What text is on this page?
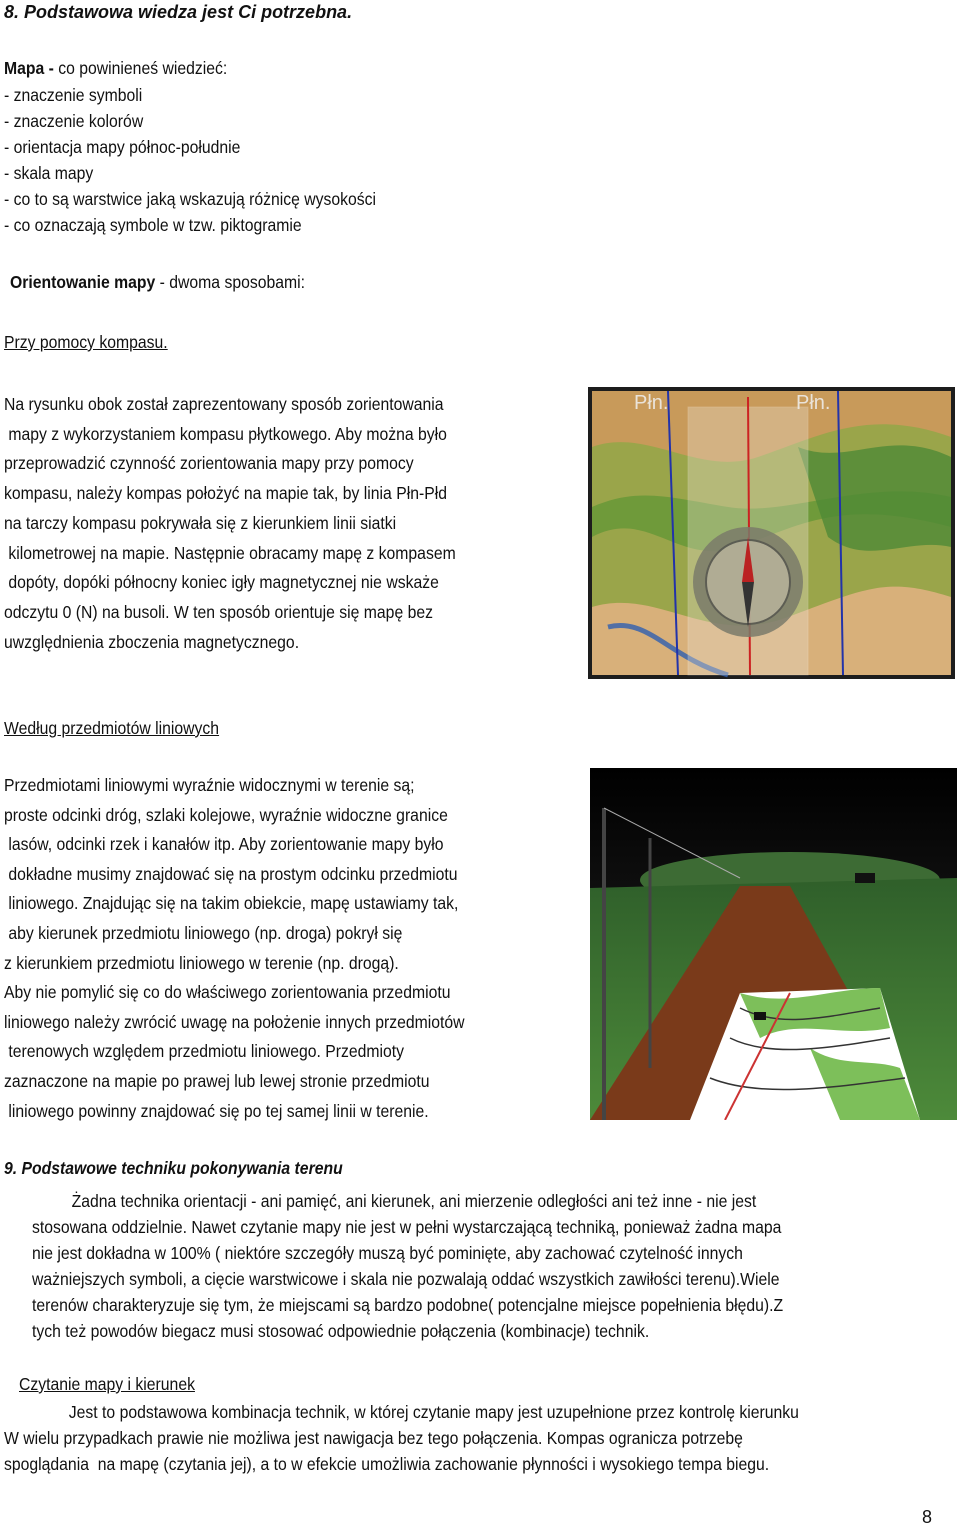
8. Podstawowa wiedza jest Ci potrzebna.
Mapa - co powinieneś wiedzieć:
- znaczenie symboli
- znaczenie kolorów
- orientacja mapy północ-południe
- skala mapy
- co to są warstwice jaką wskazują różnicę wysokości
- co oznaczają symbole w tzw. piktogramie
Orientowanie mapy - dwoma sposobami:
Przy pomocy kompasu.
Na rysunku obok został zaprezentowany sposób zorientowania
mapy z wykorzystaniem kompasu płytkowego. Aby można było
przeprowadzić czynność zorientowania mapy przy pomocy
kompasu, należy kompas położyć na mapie tak, by linia Płn-Płd
na tarczy kompasu pokrywała się z kierunkiem linii siatki
kilometrowej na mapie. Następnie obracamy mapę z kompasem
dopóty, dopóki północny koniec igły magnetycznej nie wskaże
odczytu 0 (N) na busoli. W ten sposób orientuje się mapę bez
uwzględnienia zboczenia magnetycznego.
Płn.	Płn.
Według przedmiotów liniowych
Przedmiotami liniowymi wyraźnie widocznymi w terenie są;
proste odcinki dróg, szlaki kolejowe, wyraźnie widoczne granice
lasów, odcinki rzek i kanałów itp. Aby zorientowanie mapy było
dokładne musimy znajdować się na prostym odcinku przedmiotu
liniowego. Znajdując się na takim obiekcie, mapę ustawiamy tak,
aby kierunek przedmiotu liniowego (np. droga) pokrył się
z kierunkiem przedmiotu liniowego w terenie (np. drogą).
Aby nie pomylić się co do właściwego zorientowania przedmiotu
liniowego należy zwrócić uwagę na położenie innych przedmiotów
terenowych względem przedmiotu liniowego. Przedmioty
zaznaczone na mapie po prawej lub lewej stronie przedmiotu
liniowego powinny znajdować się po tej samej linii w terenie.
9. Podstawowe techniku pokonywania terenu
Żadna technika orientacji - ani pamięć, ani kierunek, ani mierzenie odległości ani też inne - nie jest
stosowana oddzielnie. Nawet czytanie mapy nie jest w pełni wystarczającą techniką, ponieważ żadna mapa
nie jest dokładna w 100% ( niektóre szczegóły muszą być pominięte, aby zachować czytelność innych
ważniejszych symboli, a cięcie warstwicowe i skala nie pozwalają oddać wszystkich zawiłości terenu).Wiele
terenów charakteryzuje się tym, że miejscami są bardzo podobne( potencjalne miejsce popełnienia błędu).Z
tych też powodów biegacz musi stosować odpowiednie połączenia (kombinacje) technik.
Czytanie mapy i kierunek
Jest to podstawowa kombinacja technik, w której czytanie mapy jest uzupełnione przez kontrolę kierunku
W wielu przypadkach prawie nie możliwa jest nawigacja bez tego połączenia. Kompas ogranicza potrzebę
spoglądania  na mapę (czytania jej), a to w efekcie umożliwia zachowanie płynności i wysokiego tempa biegu.
8
